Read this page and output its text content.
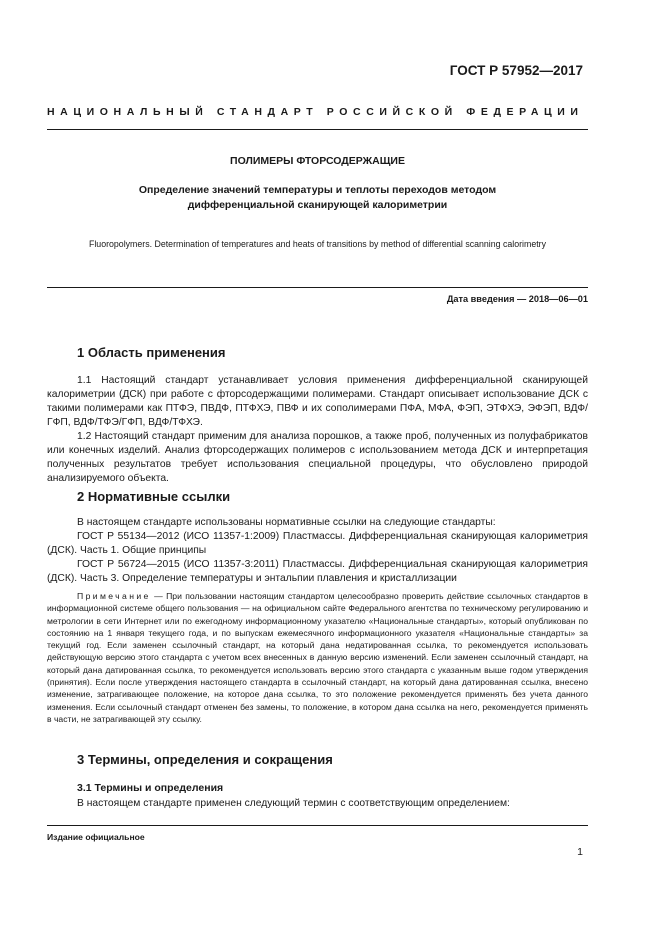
ГОСТ Р 57952—2017
НАЦИОНАЛЬНЫЙ СТАНДАРТ РОССИЙСКОЙ ФЕДЕРАЦИИ
ПОЛИМЕРЫ ФТОРСОДЕРЖАЩИЕ
Определение значений температуры и теплоты переходов методом дифференциальной сканирующей калориметрии
Fluoropolymers. Determination of temperatures and heats of transitions by method of differential scanning calorimetry
Дата введения — 2018—06—01
1 Область применения

1.1 Настоящий стандарт устанавливает условия применения дифференциальной сканирующей калориметрии (ДСК) при работе с фторсодержащими полимерами. Стандарт описывает использование ДСК с такими полимерами как ПТФЭ, ПВДФ, ПТФХЭ, ПВФ и их сополимерами ПФА, МФА, ФЭП, ЭТФХЭ, ЭФЭП, ВДФ/ГФП, ВДФ/ТФЭ/ГФП, ВДФ/ТФХЭ.

1.2 Настоящий стандарт применим для анализа порошков, а также проб, полученных из полуфабрикатов или конечных изделий. Анализ фторсодержащих полимеров с использованием метода ДСК и интерпретация полученных результатов требует использования специальной процедуры, что обусловлено природой анализируемого объекта.

2 Нормативные ссылки

В настоящем стандарте использованы нормативные ссылки на следующие стандарты:

ГОСТ Р 55134—2012 (ИСО 11357-1:2009) Пластмассы. Дифференциальная сканирующая калориметрия (ДСК). Часть 1. Общие принципы

ГОСТ Р 56724—2015 (ИСО 11357-3:2011) Пластмассы. Дифференциальная сканирующая калориметрия (ДСК). Часть 3. Определение температуры и энтальпии плавления и кристаллизации

Примечание — При пользовании настоящим стандартом целесообразно проверить действие ссылочных стандартов в информационной системе общего пользования — на официальном сайте Федерального агентства по техническому регулированию и метрологии в сети Интернет или по ежегодному информационному указателю «Национальные стандарты», который опубликован по состоянию на 1 января текущего года, и по выпускам ежемесячного информационного указателя «Национальные стандарты» за текущий год. Если заменен ссылочный стандарт, на который дана недатированная ссылка, то рекомендуется использовать действующую версию этого стандарта с учетом всех внесенных в данную версию изменений. Если заменен ссылочный стандарт, на который дана датированная ссылка, то рекомендуется использовать версию этого стандарта с указанным выше годом утверждения (принятия). Если после утверждения настоящего стандарта в ссылочный стандарт, на который дана датированная ссылка, внесено изменение, затрагивающее положение, на которое дана ссылка, то это положение рекомендуется применять без учета данного изменения. Если ссылочный стандарт отменен без замены, то положение, в котором дана ссылка на него, рекомендуется применять в части, не затрагивающей эту ссылку.

3 Термины, определения и сокращения
3.1 Термины и определения

В настоящем стандарте применен следующий термин с соответствующим определением:

Издание официальное
1
